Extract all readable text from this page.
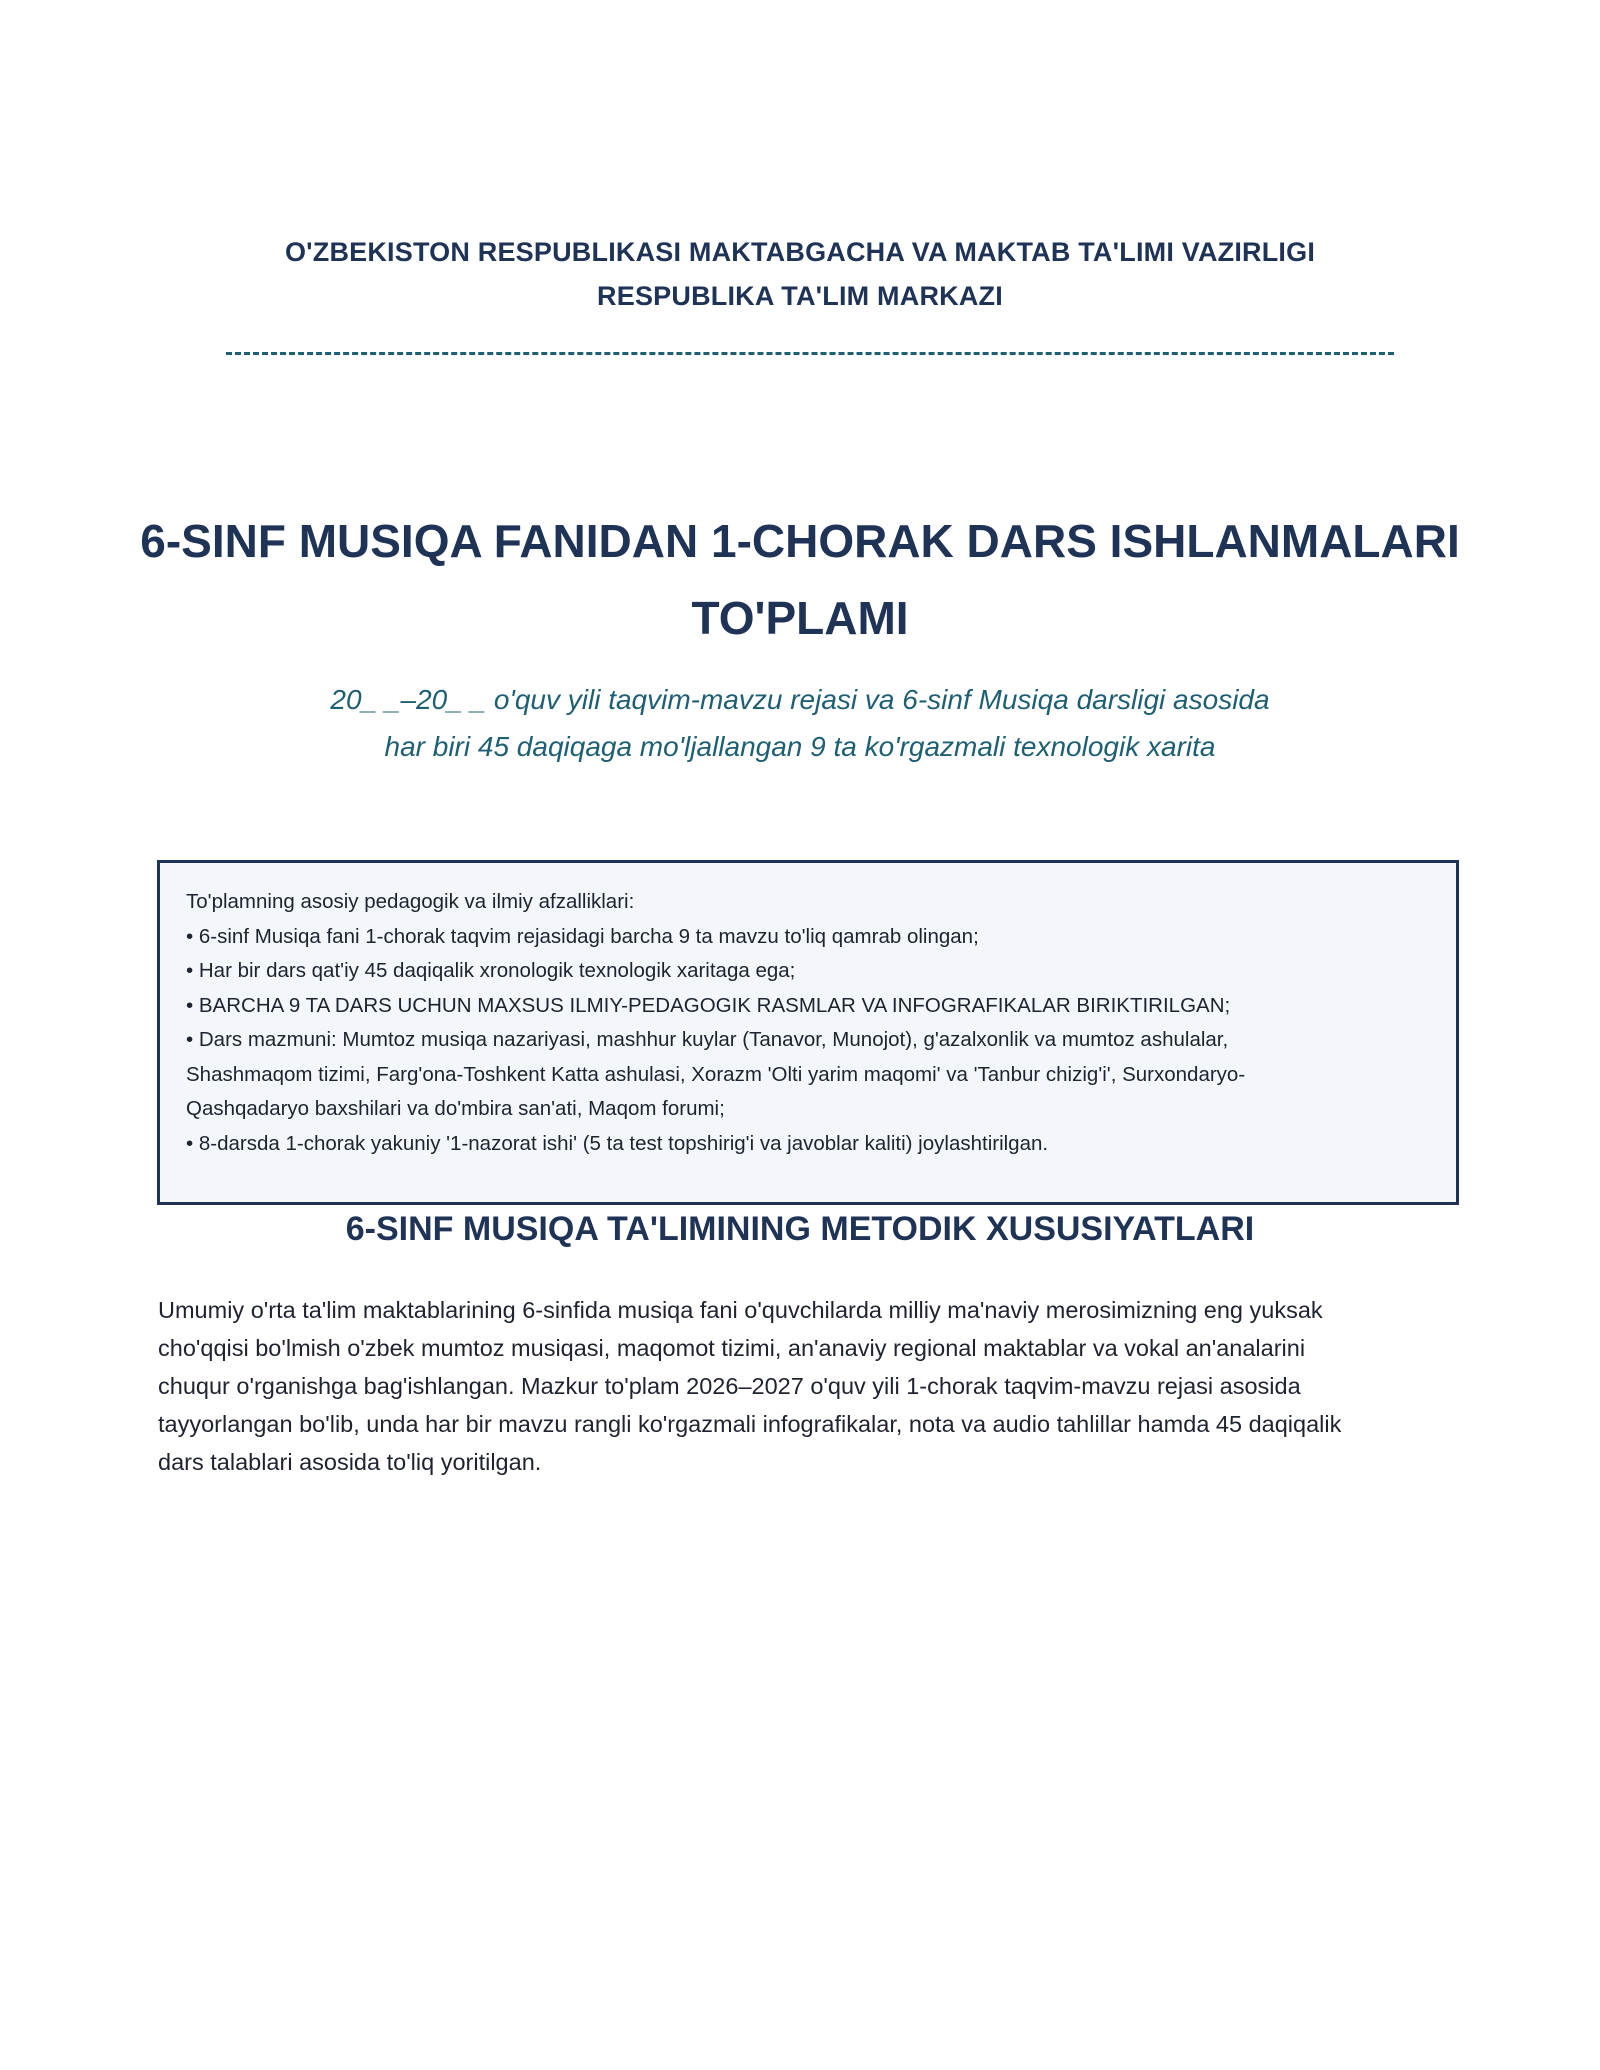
O'ZBEKISTON RESPUBLIKASI MAKTABGACHA VA MAKTAB TA'LIMI VAZIRLIGI
RESPUBLIKA TA'LIM MARKAZI
6-SINF MUSIQA FANIDAN 1-CHORAK DARS ISHLANMALARI
TO'PLAMI
20_ _–20_ _ o'quv yili taqvim-mavzu rejasi va 6-sinf Musiqa darsligi asosida
har biri 45 daqiqaga mo'ljallangan 9 ta ko'rgazmali texnologik xarita
To'plamning asosiy pedagogik va ilmiy afzalliklari:
• 6-sinf Musiqa fani 1-chorak taqvim rejasidagi barcha 9 ta mavzu to'liq qamrab olingan;
• Har bir dars qat'iy 45 daqiqalik xronologik texnologik xaritaga ega;
• BARCHA 9 TA DARS UCHUN MAXSUS ILMIY-PEDAGOGIK RASMLAR VA INFOGRAFIKALAR BIRIKTIRILGAN;
• Dars mazmuni: Mumtoz musiqa nazariyasi, mashhur kuylar (Tanavor, Munojot), g'azalxonlik va mumtoz ashulalar,
Shashmaqom tizimi, Farg'ona-Toshkent Katta ashulasi, Xorazm 'Olti yarim maqomi' va 'Tanbur chizig'i', Surxondaryo-
Qashqadaryo baxshilari va do'mbira san'ati, Maqom forumi;
• 8-darsda 1-chorak yakuniy '1-nazorat ishi' (5 ta test topshirig'i va javoblar kaliti) joylashtirilgan.
6-SINF MUSIQA TA'LIMINING METODIK XUSUSIYATLARI
Umumiy o'rta ta'lim maktablarining 6-sinfida musiqa fani o'quvchilarda milliy ma'naviy merosimizning eng yuksak
cho'qqisi bo'lmish o'zbek mumtoz musiqasi, maqomot tizimi, an'anaviy regional maktablar va vokal an'analarini
chuqur o'rganishga bag'ishlangan. Mazkur to'plam 2026–2027 o'quv yili 1-chorak taqvim-mavzu rejasi asosida
tayyorlangan bo'lib, unda har bir mavzu rangli ko'rgazmali infografikalar, nota va audio tahlillar hamda 45 daqiqalik
dars talablari asosida to'liq yoritilgan.
